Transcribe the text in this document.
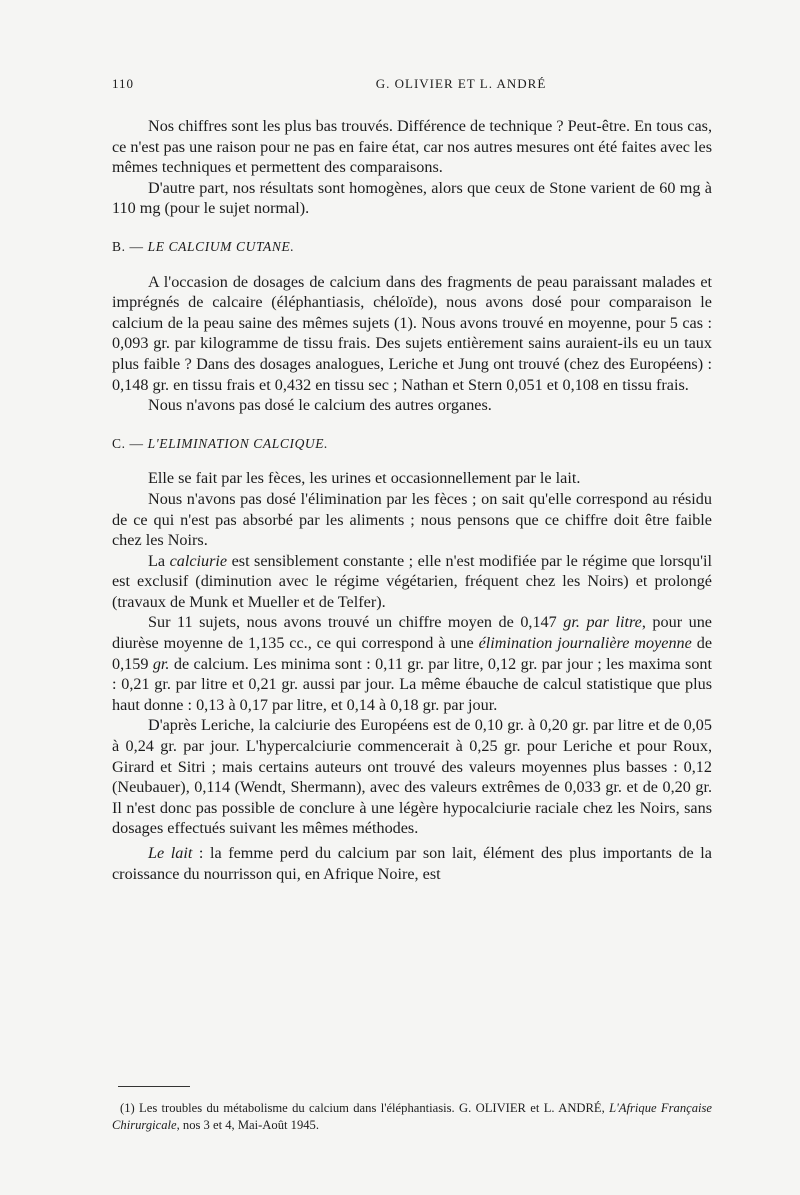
110	G. OLIVIER ET L. ANDRÉ

Nos chiffres sont les plus bas trouvés. Différence de technique ? Peut-être. En tous cas, ce n'est pas une raison pour ne pas en faire état, car nos autres mesures ont été faites avec les mêmes techniques et permettent des comparaisons.

D'autre part, nos résultats sont homogènes, alors que ceux de Stone varient de 60 mg à 110 mg (pour le sujet normal).

B. — LE CALCIUM CUTANE.

A l'occasion de dosages de calcium dans des fragments de peau paraissant malades et imprégnés de calcaire (éléphantiasis, chéloïde), nous avons dosé pour comparaison le calcium de la peau saine des mêmes sujets (1). Nous avons trouvé en moyenne, pour 5 cas : 0,093 gr. par kilogramme de tissu frais. Des sujets entièrement sains auraient-ils eu un taux plus faible ? Dans des dosages analogues, Leriche et Jung ont trouvé (chez des Européens) : 0,148 gr. en tissu frais et 0,432 en tissu sec ; Nathan et Stern 0,051 et 0,108 en tissu frais.

Nous n'avons pas dosé le calcium des autres organes.

C. — L'ELIMINATION CALCIQUE.

Elle se fait par les fèces, les urines et occasionnellement par le lait.

Nous n'avons pas dosé l'élimination par les fèces ; on sait qu'elle correspond au résidu de ce qui n'est pas absorbé par les aliments ; nous pensons que ce chiffre doit être faible chez les Noirs.

La calciurie est sensiblement constante ; elle n'est modifiée par le régime que lorsqu'il est exclusif (diminution avec le régime végétarien, fréquent chez les Noirs) et prolongé (travaux de Munk et Mueller et de Telfer).

Sur 11 sujets, nous avons trouvé un chiffre moyen de 0,147 gr. par litre, pour une diurèse moyenne de 1,135 cc., ce qui correspond à une élimination journalière moyenne de 0,159 gr. de calcium. Les minima sont : 0,11 gr. par litre, 0,12 gr. par jour ; les maxima sont : 0,21 gr. par litre et 0,21 gr. aussi par jour. La même ébauche de calcul statistique que plus haut donne : 0,13 à 0,17 par litre, et 0,14 à 0,18 gr. par jour.

D'après Leriche, la calciurie des Européens est de 0,10 gr. à 0,20 gr. par litre et de 0,05 à 0,24 gr. par jour. L'hypercalciurie commencerait à 0,25 gr. pour Leriche et pour Roux, Girard et Sitri ; mais certains auteurs ont trouvé des valeurs moyennes plus basses : 0,12 (Neubauer), 0,114 (Wendt, Shermann), avec des valeurs extrêmes de 0,033 gr. et de 0,20 gr. Il n'est donc pas possible de conclure à une légère hypocalciurie raciale chez les Noirs, sans dosages effectués suivant les mêmes méthodes.

Le lait : la femme perd du calcium par son lait, élément des plus importants de la croissance du nourrisson qui, en Afrique Noire, est

(1) Les troubles du métabolisme du calcium dans l'éléphantiasis. G. OLIVIER et L. ANDRÉ, L'Afrique Française Chirurgicale, nos 3 et 4, Mai-Août 1945.
